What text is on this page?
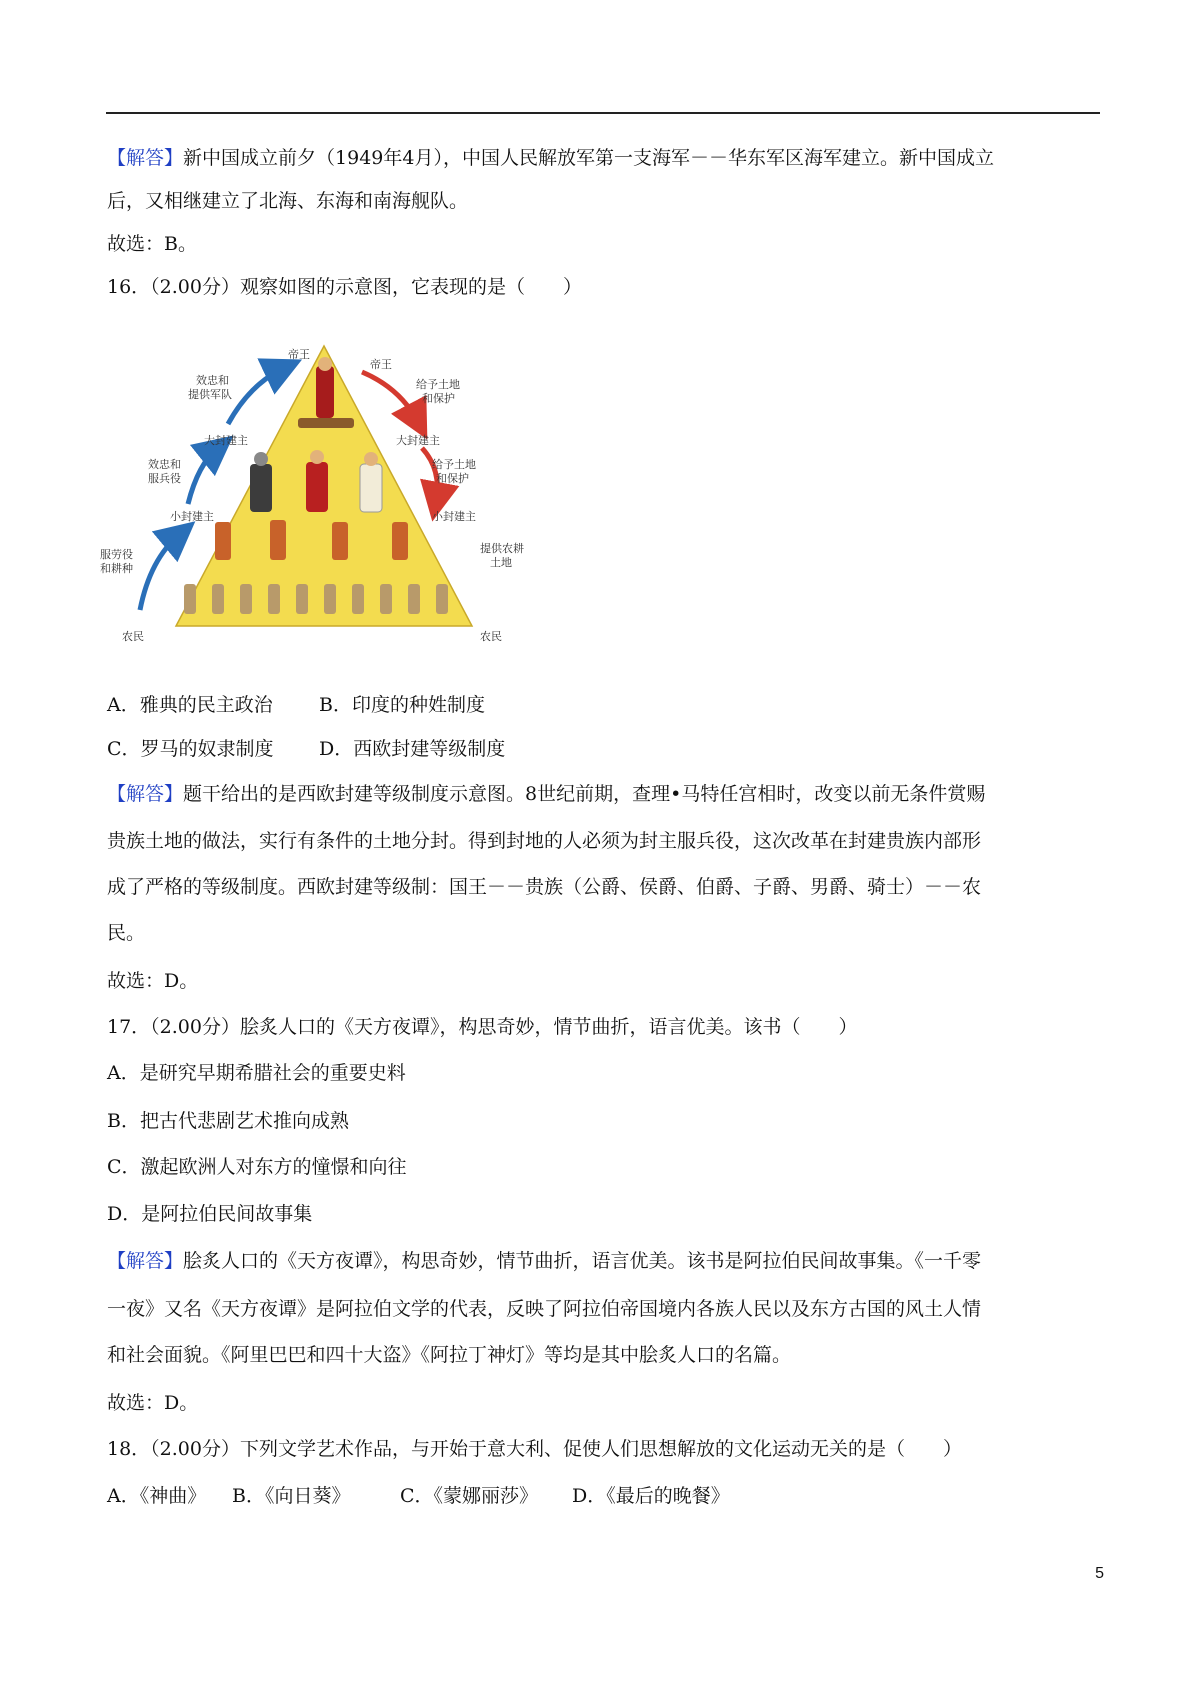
【解答】新中国成立前夕（1949年4月），中国人民解放军第一支海军－－华东军区海军建立。新中国成立
后，又相继建立了北海、东海和南海舰队。
故选：B。
16．（2.00分）观察如图的示意图，它表现的是（　　）
帝王
帝王
效忠和
提供军队
大封建主	大封建主
效忠和
服兵役
小封建主	小封建主
服劳役
和耕种
农民	农民
给予土地
和保护
给予土地
和保护
提供农耕
土地
A．雅典的民主政治 B．印度的种姓制度
C．罗马的奴隶制度 D．西欧封建等级制度
【解答】题干给出的是西欧封建等级制度示意图。8世纪前期，查理•马特任宫相时，改变以前无条件赏赐
贵族土地的做法，实行有条件的土地分封。得到封地的人必须为封主服兵役，这次改革在封建贵族内部形
成了严格的等级制度。西欧封建等级制：国王－－贵族（公爵、侯爵、伯爵、子爵、男爵、骑士）－－农
民。
故选：D。
17．（2.00分）脍炙人口的《天方夜谭》，构思奇妙，情节曲折，语言优美。该书（　　）
A．是研究早期希腊社会的重要史料
B．把古代悲剧艺术推向成熟
C．激起欧洲人对东方的憧憬和向往
D．是阿拉伯民间故事集
【解答】脍炙人口的《天方夜谭》，构思奇妙，情节曲折，语言优美。该书是阿拉伯民间故事集。《一千零
一夜》又名《天方夜谭》是阿拉伯文学的代表，反映了阿拉伯帝国境内各族人民以及东方古国的风土人情
和社会面貌。《阿里巴巴和四十大盗》《阿拉丁神灯》等均是其中脍炙人口的名篇。
故选：D。
18．（2.00分）下列文学艺术作品，与开始于意大利、促使人们思想解放的文化运动无关的是（　　）
A．《神曲》 B．《向日葵》	C．《蒙娜丽莎》 D．《最后的晚餐》
5
